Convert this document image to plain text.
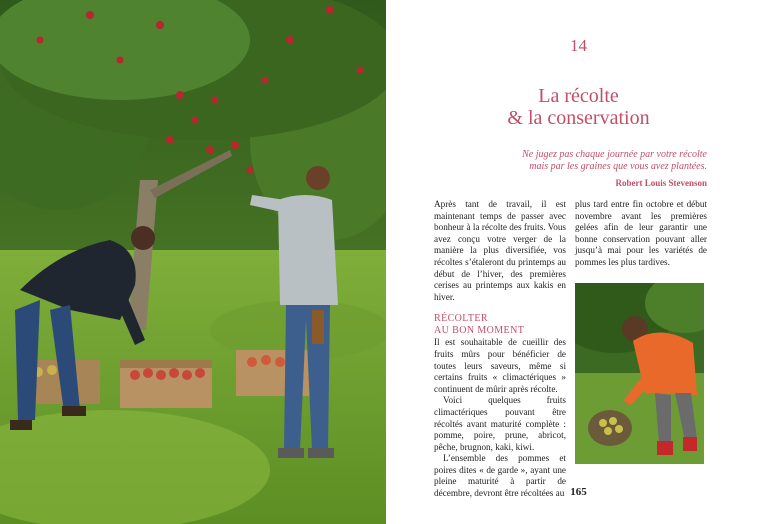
14
La récolte
& la conservation
Ne jugez pas chaque journée par votre récolte
mais par les graines que vous avez plantées.
Robert Louis Stevenson

Après tant de travail, il est maintenant temps de passer avec bonheur à la récolte des fruits. Vous avez conçu votre verger de la manière la plus diversifiée, vos récoltes s’étaleront du printemps au début de l’hiver, des premières cerises au printemps aux kakis en hiver.

RÉCOLTER
AU BON MOMENT

Il est souhaitable de cueillir des fruits mûrs pour bénéficier de toutes leurs saveurs, même si certains fruits « climactériques » continuent de mûrir après récolte.

Voici quelques fruits climactériques pouvant être récoltés avant maturité complète : pomme, poire, prune, abricot, pêche, brugnon, kaki, kiwi.

L’ensemble des pommes et poires dites « de garde », ayant une pleine maturité à partir de décembre, devront être récoltées au

plus tard entre fin octobre et début novembre avant les premières gelées afin de leur garantir une bonne conservation pouvant aller jusqu’à mai pour les variétés de pommes les plus tardives.

165
